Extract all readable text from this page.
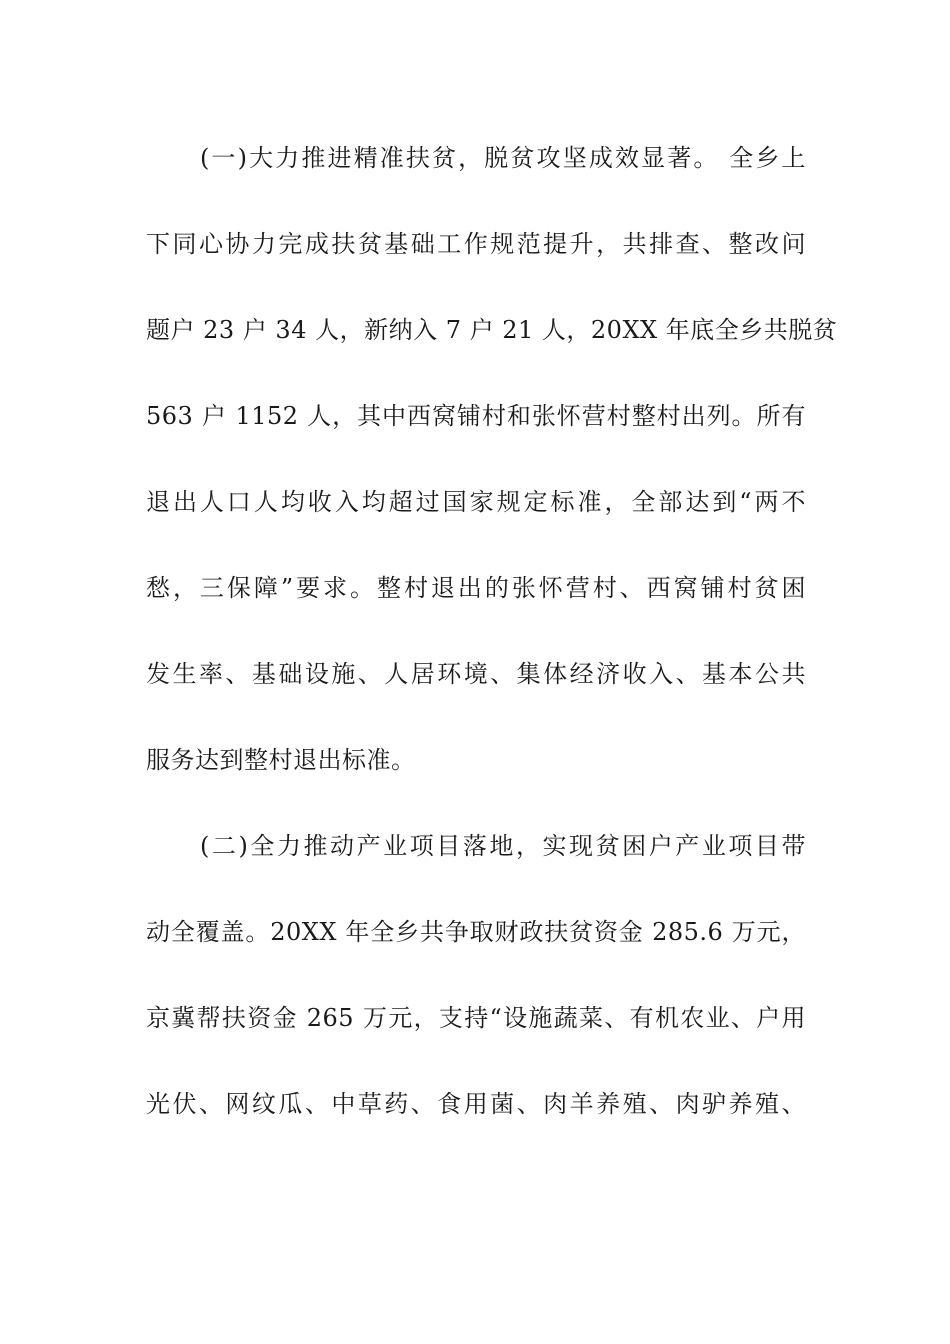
(一)大力推进精准扶贫，脱贫攻坚成效显著。 全乡上
下同心协力完成扶贫基础工作规范提升，共排查、整改问
题户 23 户 34 人，新纳入 7 户 21 人，20XX 年底全乡共脱贫
563 户 1152 人，其中西窝铺村和张怀营村整村出列。所有
退出人口人均收入均超过国家规定标准，全部达到“两不
愁，三保障”要求。整村退出的张怀营村、西窝铺村贫困
发生率、基础设施、人居环境、集体经济收入、基本公共
服务达到整村退出标准。
(二)全力推动产业项目落地，实现贫困户产业项目带
动全覆盖。20XX 年全乡共争取财政扶贫资金 285.6 万元，
京冀帮扶资金 265 万元，支持“设施蔬菜、有机农业、户用
光伏、网纹瓜、中草药、食用菌、肉羊养殖、肉驴养殖、
